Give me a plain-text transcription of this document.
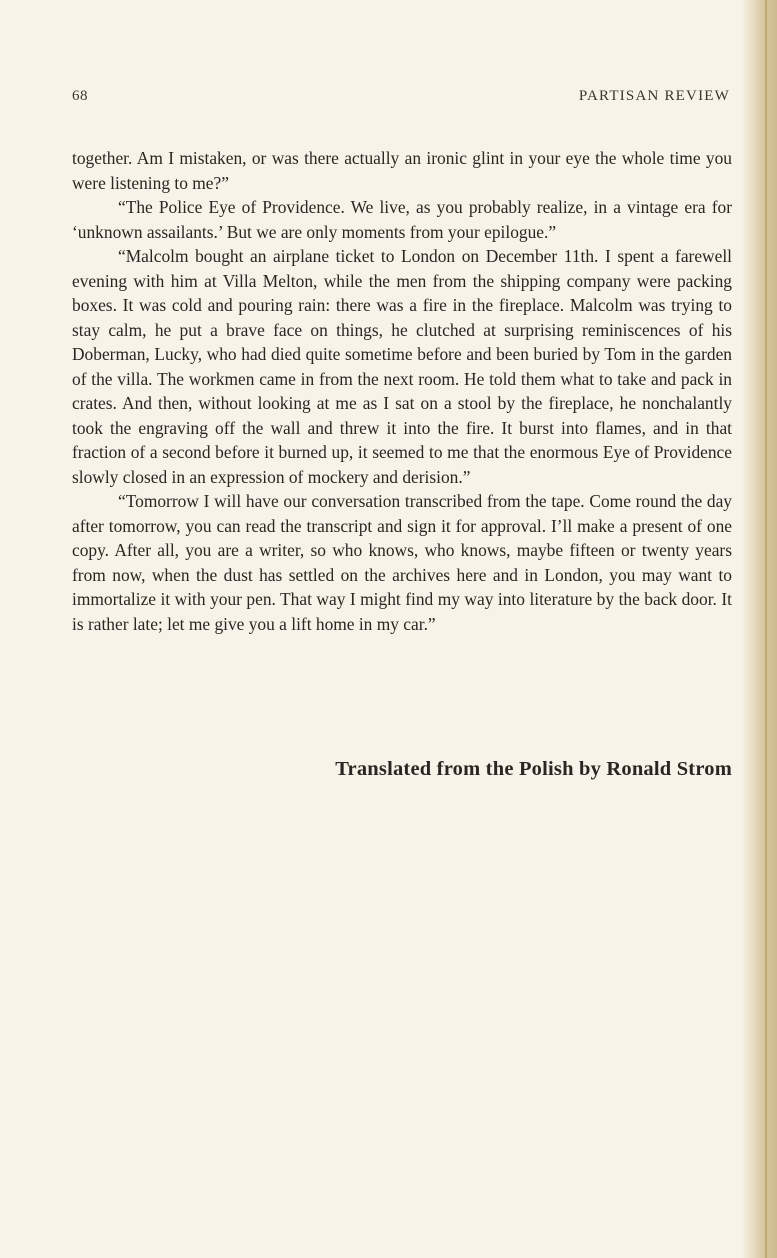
68	PARTISAN REVIEW

together. Am I mistaken, or was there actually an ironic glint in your eye the whole time you were listening to me?”

“The Police Eye of Providence. We live, as you probably realize, in a vintage era for ‘unknown assailants.’ But we are only moments from your epilogue.”

“Malcolm bought an airplane ticket to London on December 11th. I spent a farewell evening with him at Villa Melton, while the men from the shipping company were packing boxes. It was cold and pouring rain: there was a fire in the fireplace. Malcolm was trying to stay calm, he put a brave face on things, he clutched at surprising reminiscences of his Doberman, Lucky, who had died quite sometime before and been buried by Tom in the garden of the villa. The workmen came in from the next room. He told them what to take and pack in crates. And then, without looking at me as I sat on a stool by the fireplace, he nonchalantly took the engraving off the wall and threw it into the fire. It burst into flames, and in that fraction of a second before it burned up, it seemed to me that the enormous Eye of Providence slowly closed in an expression of mockery and derision.”

“Tomorrow I will have our conversation transcribed from the tape. Come round the day after tomorrow, you can read the transcript and sign it for approval. I’ll make a present of one copy. After all, you are a writer, so who knows, who knows, maybe fifteen or twenty years from now, when the dust has settled on the archives here and in London, you may want to immortalize it with your pen. That way I might find my way into literature by the back door. It is rather late; let me give you a lift home in my car.”

Translated from the Polish by Ronald Strom
